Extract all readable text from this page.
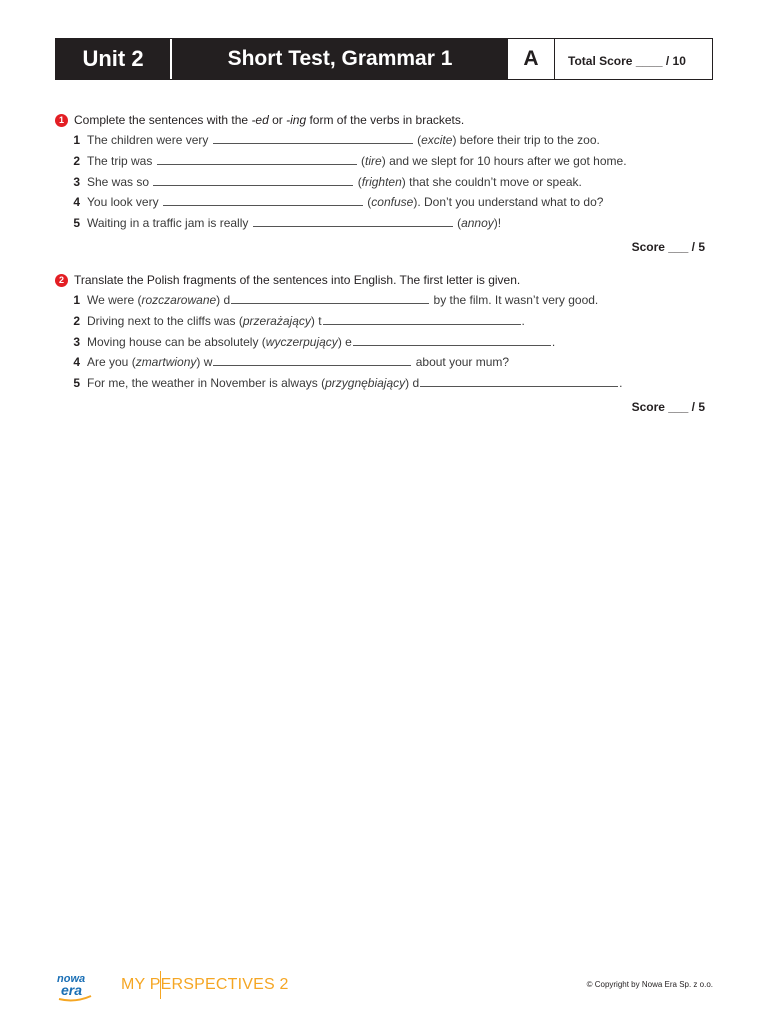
Unit 2	Short Test, Grammar 1	A	Total Score
____
/ 10
1 Complete the sentences with the -ed or -ing form of the verbs in brackets.
1 The children were very	(excite) before their trip to the zoo.
2 The trip was	(tire) and we slept for 10 hours after we got home.
3 She was so	(frighten) that she couldn’t move or speak.
4 You look very	(confuse). Don’t you understand what to do?
5 Waiting in a traffic jam is really	(annoy)!
Score ___ / 5
2 Translate the Polish fragments of the sentences into English. The first letter is given.
1 We were (rozczarowane) d	by the film. It wasn’t very good.
2 Driving next to the cliffs was (przerażający) t	.
3 Moving house can be absolutely (wyczerpujący) e	.
4 Are you (zmartwiony) w	about your mum?
5 For me, the weather in November is always (przygnębiający) d	.
Score ___ / 5
nowa
era MY PERSPECTIVES 2	© Copyright by Nowa Era Sp. z o.o.
